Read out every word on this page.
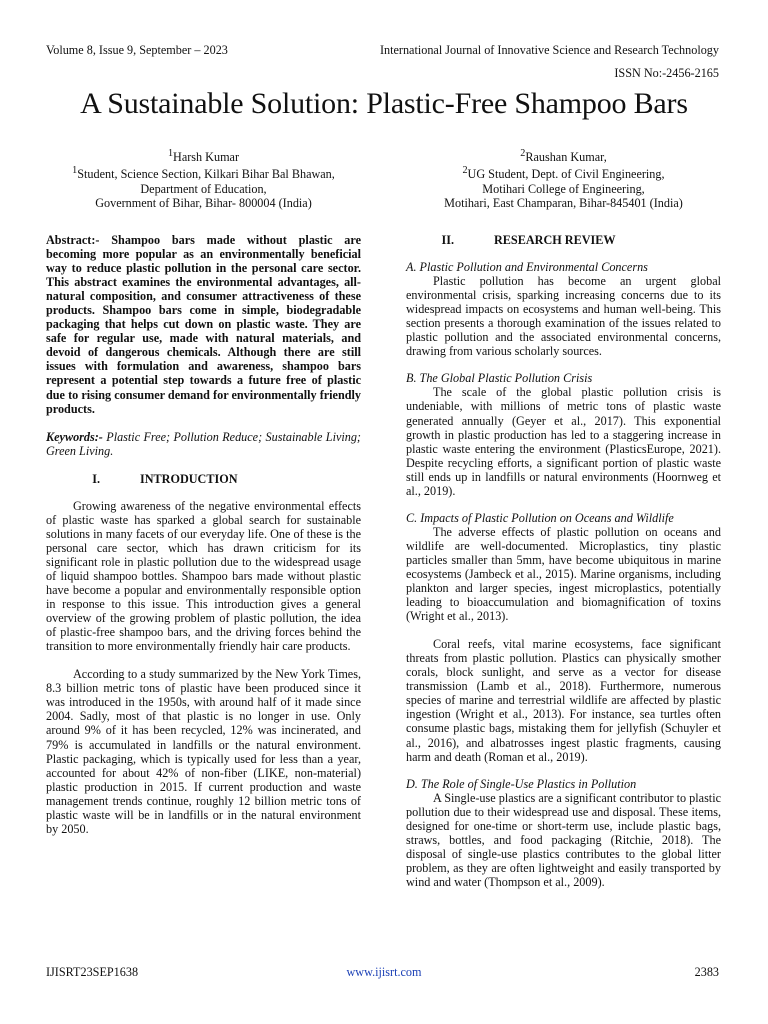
Volume 8, Issue 9, September – 2023	International Journal of Innovative Science and Research Technology
ISSN No:-2456-2165
A Sustainable Solution: Plastic-Free Shampoo Bars
$^1$Harsh Kumar
$^1$Student, Science Section, Kilkari Bihar Bal Bhawan,
Department of Education,
Government of Bihar, Bihar- 800004 (India)
$^2$Raushan Kumar,
$^2$UG Student, Dept. of Civil Engineering,
Motihari College of Engineering,
Motihari, East Champaran, Bihar-845401 (India)

Abstract:- Shampoo bars made without plastic are becoming more popular as an environmentally beneficial way to reduce plastic pollution in the personal care sector. This abstract examines the environmental advantages, all-natural composition, and consumer attractiveness of these products. Shampoo bars come in simple, biodegradable packaging that helps cut down on plastic waste. They are safe for regular use, made with natural materials, and devoid of dangerous chemicals. Although there are still issues with formulation and awareness, shampoo bars represent a potential step towards a future free of plastic due to rising consumer demand for environmentally friendly products.

Keywords:- Plastic Free; Pollution Reduce; Sustainable Living; Green Living.

I.	INTRODUCTION

Growing awareness of the negative environmental effects of plastic waste has sparked a global search for sustainable solutions in many facets of our everyday life. One of these is the personal care sector, which has drawn criticism for its significant role in plastic pollution due to the widespread usage of liquid shampoo bottles. Shampoo bars made without plastic have become a popular and environmentally responsible option in response to this issue. This introduction gives a general overview of the growing problem of plastic pollution, the idea of plastic-free shampoo bars, and the driving forces behind the transition to more environmentally friendly hair care products.

According to a study summarized by the New York Times, 8.3 billion metric tons of plastic have been produced since it was introduced in the 1950s, with around half of it made since 2004. Sadly, most of that plastic is no longer in use. Only around 9% of it has been recycled, 12% was incinerated, and 79% is accumulated in landfills or the natural environment. Plastic packaging, which is typically used for less than a year, accounted for about 42% of non-fiber (LIKE, non-material) plastic production in 2015. If current production and waste management trends continue, roughly 12 billion metric tons of plastic waste will be in landfills or in the natural environment by 2050.

II.	RESEARCH REVIEW

A. Plastic Pollution and Environmental Concerns

Plastic pollution has become an urgent global environmental crisis, sparking increasing concerns due to its widespread impacts on ecosystems and human well-being. This section presents a thorough examination of the issues related to plastic pollution and the associated environmental concerns, drawing from various scholarly sources.

B. The Global Plastic Pollution Crisis

The scale of the global plastic pollution crisis is undeniable, with millions of metric tons of plastic waste generated annually (Geyer et al., 2017). This exponential growth in plastic production has led to a staggering increase in plastic waste entering the environment (PlasticsEurope, 2021). Despite recycling efforts, a significant portion of plastic waste still ends up in landfills or natural environments (Hoornweg et al., 2019).

C. Impacts of Plastic Pollution on Oceans and Wildlife

The adverse effects of plastic pollution on oceans and wildlife are well-documented. Microplastics, tiny plastic particles smaller than 5mm, have become ubiquitous in marine ecosystems (Jambeck et al., 2015). Marine organisms, including plankton and larger species, ingest microplastics, potentially leading to bioaccumulation and biomagnification of toxins (Wright et al., 2013).

Coral reefs, vital marine ecosystems, face significant threats from plastic pollution. Plastics can physically smother corals, block sunlight, and serve as a vector for disease transmission (Lamb et al., 2018). Furthermore, numerous species of marine and terrestrial wildlife are affected by plastic ingestion (Wright et al., 2013). For instance, sea turtles often consume plastic bags, mistaking them for jellyfish (Schuyler et al., 2016), and albatrosses ingest plastic fragments, causing harm and death (Roman et al., 2019).

D. The Role of Single-Use Plastics in Pollution

A Single-use plastics are a significant contributor to plastic pollution due to their widespread use and disposal. These items, designed for one-time or short-term use, include plastic bags, straws, bottles, and food packaging (Ritchie, 2018). The disposal of single-use plastics contributes to the global litter problem, as they are often lightweight and easily transported by wind and water (Thompson et al., 2009).

IJISRT23SEP1638	www.ijisrt.com	2383
